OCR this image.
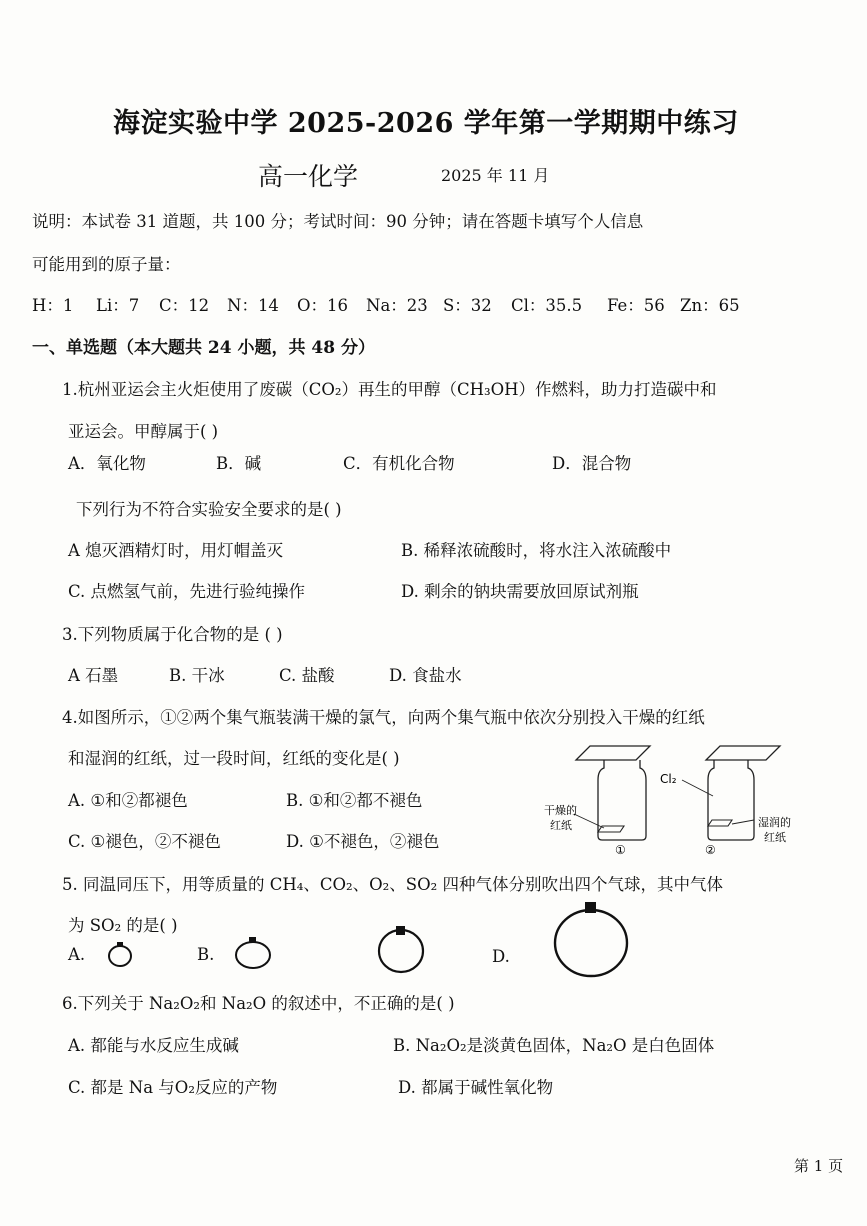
海淀实验中学 2025-2026 学年第一学期期中练习
高一化学	2025 年 11 月
说明：本试卷 31 道题，共 100 分；考试时间：90 分钟；请在答题卡填写个人信息
可能用到的原子量：
H：1 Li：7 C：12 N：14 O：16 Na：23 S：32 Cl：35.5 Fe：56 Zn：65
一、单选题（本大题共 24 小题，共 48 分）
1.杭州亚运会主火炬使用了废碳（CO₂）再生的甲醇（CH₃OH）作燃料，助力打造碳中和
亚运会。甲醇属于( )
A．氧化物	B．碱	C．有机化合物	D．混合物
下列行为不符合实验安全要求的是( )
A 熄灭酒精灯时，用灯帽盖灭	B. 稀释浓硫酸时，将水注入浓硫酸中
C. 点燃氢气前，先进行验纯操作	D. 剩余的钠块需要放回原试剂瓶
3.下列物质属于化合物的是 ( )
A 石墨	B. 干冰	C. 盐酸	D. 食盐水
4.如图所示，①②两个集气瓶装满干燥的氯气，向两个集气瓶中依次分别投入干燥的红纸
和湿润的红纸，过一段时间，红纸的变化是( )
A. ①和②都褪色	B. ①和②都不褪色
C. ①褪色，②不褪色	D. ①不褪色，②褪色
Cl₂
干燥的
红纸	湿润的
红纸
①	②
5. 同温同压下，用等质量的 CH₄、CO₂、O₂、SO₂ 四种气体分别吹出四个气球，其中气体
为 SO₂ 的是( )
A.	B.	D.
6.下列关于 Na₂O₂和 Na₂O 的叙述中，不正确的是( )
A. 都能与水反应生成碱	B. Na₂O₂是淡黄色固体，Na₂O 是白色固体
C. 都是 Na 与O₂反应的产物	D. 都属于碱性氧化物
第 1 页
